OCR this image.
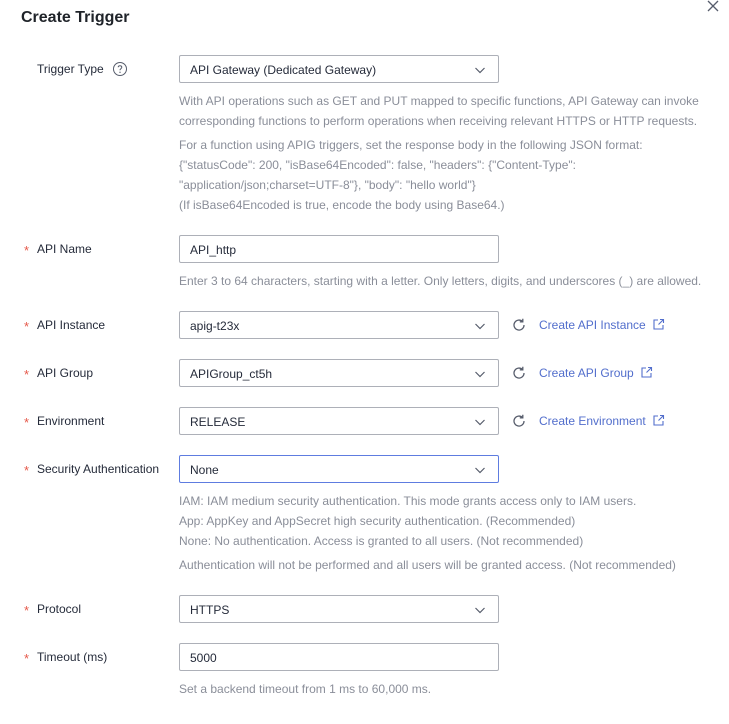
Create Trigger
Trigger Type	API Gateway (Dedicated Gateway)
With API operations such as GET and PUT mapped to specific functions, API Gateway can invoke
corresponding functions to perform operations when receiving relevant HTTPS or HTTP requests.
For a function using APIG triggers, set the response body in the following JSON format:
{"statusCode": 200, "isBase64Encoded": false, "headers": {"Content-Type":
"application/json;charset=UTF-8"}, "body": "hello world"}
(If isBase64Encoded is true, encode the body using Base64.)
* API Name	API_http
Enter 3 to 64 characters, starting with a letter. Only letters, digits, and underscores (_) are allowed.
* API Instance	apig-t23x	Create API Instance
* API Group	APIGroup_ct5h	Create API Group
* Environment	RELEASE	Create Environment
* Security Authentication	None
IAM: IAM medium security authentication. This mode grants access only to IAM users.
App: AppKey and AppSecret high security authentication. (Recommended)
None: No authentication. Access is granted to all users. (Not recommended)
Authentication will not be performed and all users will be granted access. (Not recommended)
* Protocol	HTTPS
* Timeout (ms)	5000
Set a backend timeout from 1 ms to 60,000 ms.
